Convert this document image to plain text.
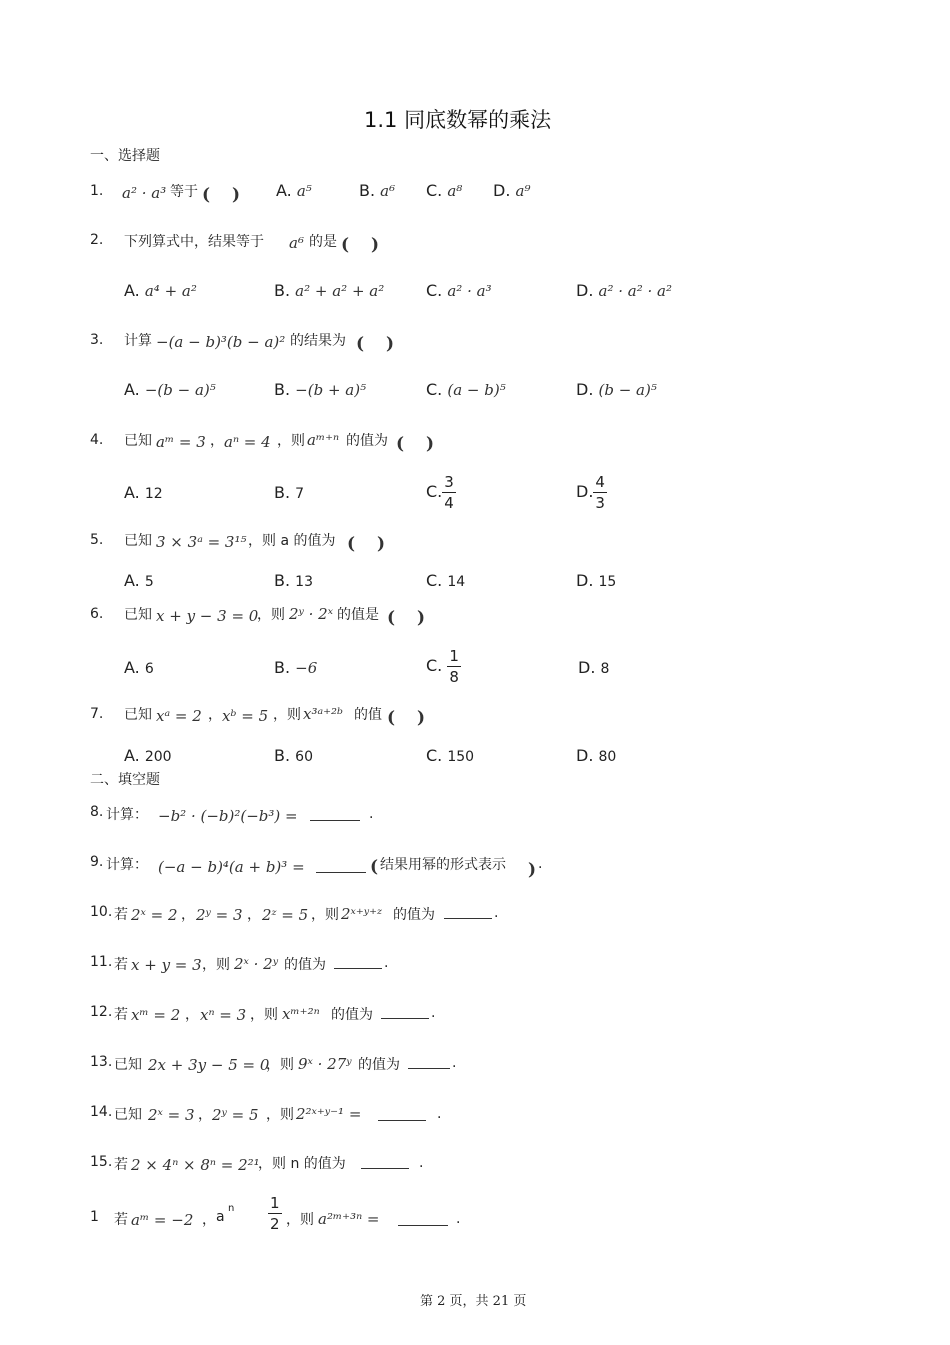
1.1 同底数幂的乘法
一、选择题
1. a² · a³ 等于 ( ) A. a⁵	B. a⁶ C. a⁸ D. a⁹
2. 下列算式中，结果等于 a⁶ 的是 ( )
A. a⁴ + a²	B. a² + a² + a²	C. a² · a³	D. a² · a² · a²
3. 计算 −(a − b)³(b − a)² 的结果为 ( )
A. −(b − a)⁵	B. −(b + a)⁵	C. (a − b)⁵	D. (b − a)⁵
4. 已知 aᵐ = 3 ， aⁿ = 4 ，则 aᵐ⁺ⁿ 的值为 ( )
A. 12	B. 7	C. $\frac{3}{4}$	D. $\frac{4}{3}$
5. 已知 3 × 3ᵃ = 3¹⁵ ，则 a 的值为 ( )
A. 5	B. 13	C. 14	D. 15
6. 已知 x + y − 3 = 0
，则 2ʸ · 2ˣ 的值是 ( )
A. 6	B. −6	C. $\frac{1}{8}$	D. 8
7. 已知 xᵃ = 2 ， xᵇ = 5 ，则 x³ᵃ⁺²ᵇ 的值 ( )
A. 200	B. 60	C. 150	D. 80
二、填空题
8. 计算： −b² · (−b)²(−b³) =	.
9. 计算： (−a − b)⁴(a + b)³ =	( 结果用幂的形式表示 ) .
10. 若 2ˣ = 2 ， 2ʸ = 3 ， 2ᶻ = 5 ，则 2ˣ⁺ʸ⁺ᶻ 的值为	.
11. 若 x + y = 3 ，则 2ˣ · 2ʸ 的值为	.
12. 若 xᵐ = 2 ， xⁿ = 3 ，则 xᵐ⁺²ⁿ 的值为	.
13. 已知 2x + 3y − 5 = 0
，则 9ˣ · 27ʸ 的值为	.
14. 已知 2ˣ = 3 ， 2ʸ = 5 ，则 2²ˣ⁺ʸ⁻¹ =	.
15. 若 2 × 4ⁿ × 8ⁿ = 2²¹
，则 n 的值为	.
1 若 aᵐ = −2 ， a
n $\frac{1}{2}$ ，则 a²ᵐ⁺³ⁿ =	.
第 2 页，共 21 页
